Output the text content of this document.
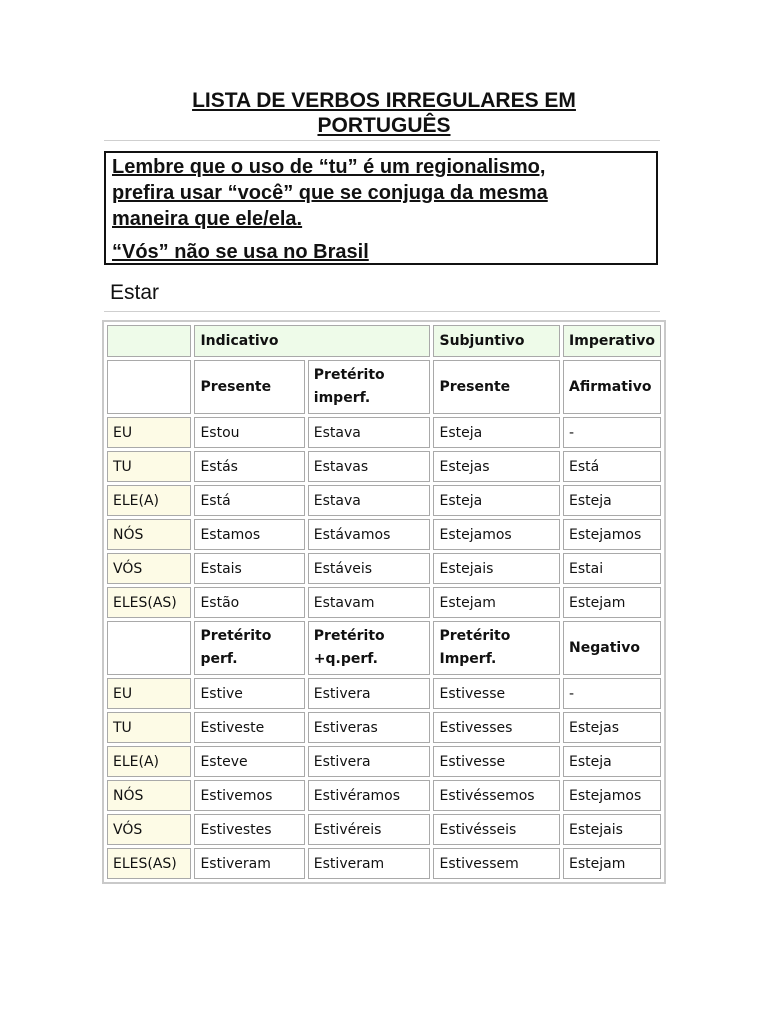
LISTA DE VERBOS IRREGULARES EM
PORTUGUÊS

Lembre que o uso de “tu” é um regionalismo,
prefira usar “você” que se conjuga da mesma
maneira que ele/ela.

“Vós” não se usa no Brasil

Estar
	Indicativo		Subjuntivo	Imperativo
	Presente	Pretérito imperf.	Presente	Afirmativo
EU	Estou	Estava	Esteja	-
TU	Estás	Estavas	Estejas	Está
ELE(A)	Está	Estava	Esteja	Esteja
NÓS	Estamos	Estávamos	Estejamos	Estejamos
VÓS	Estais	Estáveis	Estejais	Estai
ELES(AS)	Estão	Estavam	Estejam	Estejam
	Pretérito perf.	Pretérito +q.perf.	Pretérito Imperf.	Negativo
EU	Estive	Estivera	Estivesse	-
TU	Estiveste	Estiveras	Estivesses	Estejas
ELE(A)	Esteve	Estivera	Estivesse	Esteja
NÓS	Estivemos	Estivéramos	Estivéssemos	Estejamos
VÓS	Estivestes	Estivéreis	Estivésseis	Estejais
ELES(AS)	Estiveram	Estiveram	Estivessem	Estejam
